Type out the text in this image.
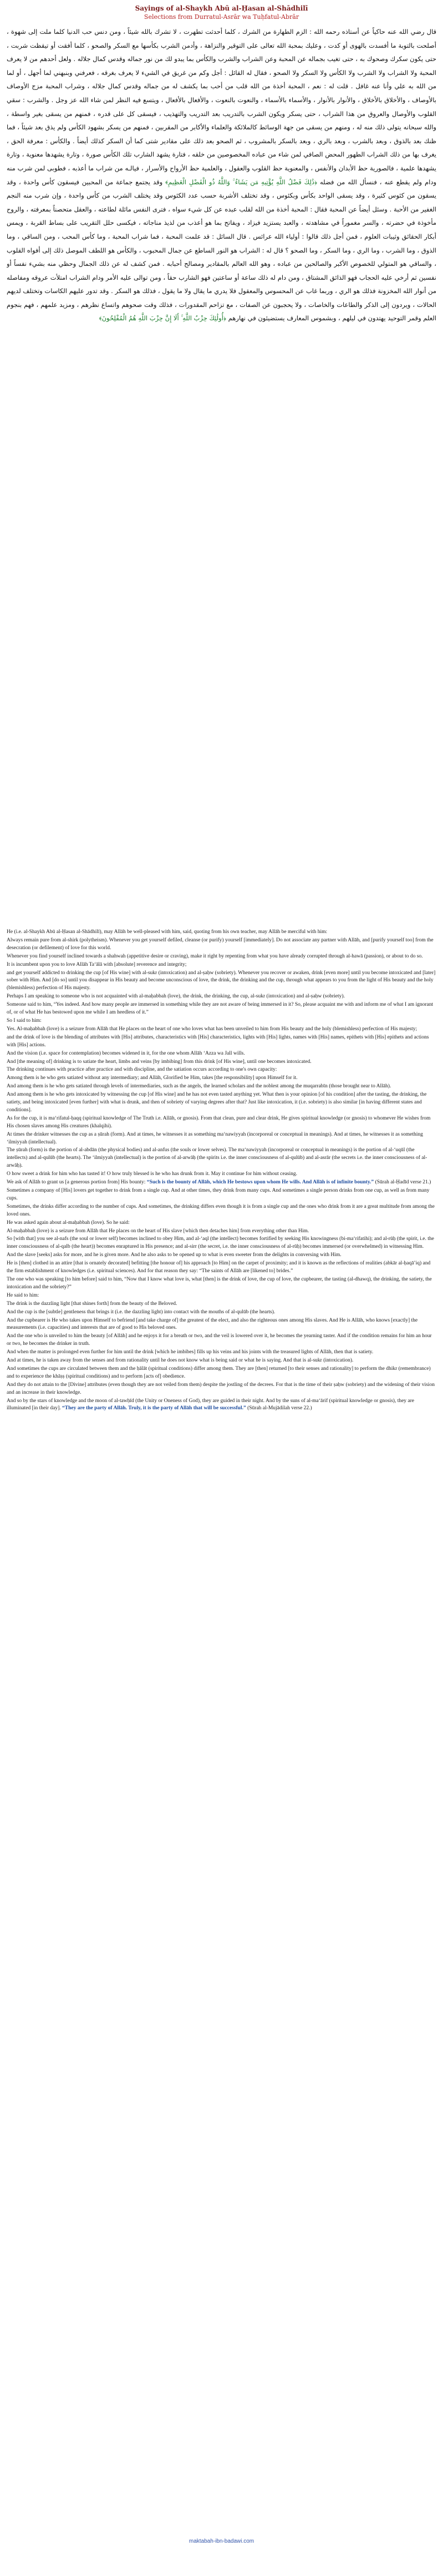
Sayings of al-Shaykh Abū al-Ḥasan al-Shādhilī
Selections from Durratul-Asrār wa Tuḥfatul-Abrār
قال رضي الله عنه حاكياً عن أستاذه رحمه الله : الزم الطهارة من الشرك ، كلما أحدثت تطهرت ، لا تشرك بالله شيئاً ، ومن دنس حب الدنيا كلما ملت إلى شهوة ، أصلحت بالتوبة ما أفسدت بالهوى أو كدت ، وعليك بمحبة الله تعالى على التوقير والنزاهة ، وأدمن الشرب بكأسها مع السكر والصحو ، كلما أفقت أو تيقظت شربت ، حتى يكون سكرك وصحوك به ، حتى تغيب بجماله عن المحبة وعن الشراب والشرب والكأس بما يبدو لك من نور جماله وقدس كمال جلاله . ولعل أحدهم من لا يعرف المحبة ولا الشراب ولا الشرب ولا الكأس ولا السكر ولا الصحو ، فقال له القائل : أجل وكم من غريق في الشيء لا يعرف بغرقه ، فعرفني وبنبهني لما أجهل ، أو لما من الله به علي وأنا عنه غافل . قلت له : نعم ، المحبة أخذة من الله قلب من أحب بما يكشف له من جماله وقدس كمال جلاله ، وشراب المحبة مزج الأوصاف بالأوصاف ، والأخلاق بالأخلاق ، والأنوار بالأنوار ، والأسماء بالأسماء ، والنعوت بالنعوت ، والأفعال بالأفعال ، ويتسع فيه النظر لمن شاء الله عز وجل . والشرب : سقي القلوب والأوصال والعروق من هذا الشراب ، حتى يسكر ويكون الشرب بالتدريب بعد التدريب والتهذيب ، فيسقى كل على قدره ، فمنهم من يسقى بغير واسطة ، والله سبحانه يتولى ذلك منه له ، ومنهم من يسقى من جهة الوسائط كالملائكة والعلماء والأكابر من المقربين ، فمنهم من يسكر بشهود الكأس ولم يذق بعد شيئاً ، فما ظنك بعد بالذوق ، وبعد بالشرب ، وبعد بالري ، وبعد بالسكر بالمشروب ، ثم الصحو بعد ذلك على مقادير شتى كما أن السكر كذلك أيضاً . والكأس : معرفة الحق ، يغرف بها من ذلك الشراب الطهور المحض الصافي لمن شاء من عباده المخصوصين من خلقه ، فتارة يشهد الشارب تلك الكأس صورة ، وتارة يشهدها معنوية ، وتارة يشهدها علمية ، فالصورية حظ الأبدان والأنفس ، والمعنوية حظ القلوب والعقول ، والعلمية حظ الأرواح والأسرار ، فيالـه من شراب ما أعذبه ، فطوبى لمن شرب منه ودام ولم يقطع عنه ، فنسأل الله من فضله ﴿ذَٰلِكَ فَضْلُ اللَّهِ يُؤْتِيهِ مَن يَشَاءُ ۚ وَاللَّهُ ذُو الْفَضْلِ الْعَظِيمِ﴾ وقد يجتمع جماعة من المحبين فيسقون كأس واحدة ، وقد يسقون من كئوس كثيرة ، وقد يسقى الواحد بكأس وبكئوس ، وقد تختلف الأشربة حسب عدد الكئوس وقد يختلف الشرب من كأس واحدة ، وإن شرب منه النجم الغفير من الأحبة . وسئل أيضاً عن المحبة فقال : المحبة أخذة من الله لقلب عبده عن كل شيء سواه ، فترى النفس مائلة لطاعته ، والعقل متحصناً بمعرفته ، والروح مأخوذة في حضرته ، والسر مغموراً في مشاهدته ، والعبد يستزيد فيزاد ، ويفاتح بما هو أعذب من لذيذ مناجاته ، فيكسى حلل التقريب على بساط القربة ، ويمس أبكار الحقائق وثيبات العلوم ، فمن أجل ذلك قالوا : أولياء الله عرائس . قال السائل : قد علمت المحبة ، فما شراب المحبة ، وما كأس المحب ، ومن الساقي ، وما الذوق ، وما الشرب ، وما الري ، وما السكر ، وما الصحو ؟ قال له : الشراب هو النور الساطع عن جمال المحبوب ، والكأس هو اللطف الموصل ذلك إلى أفواه القلوب ، والساقي هو المتولي للخصوص الأكبر والصالحين من عباده ، وهو الله العالم بالمقادير ومصالح أحبابه . فمن كشف له عن ذلك الجمال وحظي منه بشيء نفساً أو نفسين ثم أرخي عليه الحجاب فهو الذائق المشتاق ، ومن دام له ذلك ساعة أو ساعتين فهو الشارب حقاً ، ومن توالى عليه الأمر ودام الشراب امتلأت عروقه ومفاصله من أنوار الله المخزونة فذلك هو الري ، وربما غاب عن المحسوس والمعقول فلا يدري ما يقال ولا ما يقول ، فذلك هو السكر . وقد تدور عليهم الكاسات وتختلف لديهم الحالات ، ويردون إلى الذكر والطاعات والخاصات ، ولا يحجبون عن الصفات ، مع تزاحم المقدورات ، فذلك وقت صحوهم واتساع نظرهم ، ومزيد علمهم ، فهم بنجوم العلم وقمر التوحيد يهتدون في ليلهم ، وبشموس المعارف يستضيئون في نهارهم ﴿أُولَٰئِكَ حِزْبُ اللَّهِ ۚ أَلَا إِنَّ حِزْبَ اللَّهِ هُمُ الْمُفْلِحُونَ﴾

He (i.e. al-Shaykh Abū al-Ḥasan al-Shādhilī), may Allāh be well-pleased with him, said, quoting from his own teacher, may Allāh be merciful with him:

Always remain pure from al-shirk (polytheism). Whenever you get yourself defiled, cleanse (or purify) yourself [immediately]. Do not associate any partner with Allāh, and [purify yourself too] from the desecration (or defilement) of love for this world.

Whenever you find yourself inclined towards a shahwah (appetitive desire or craving), make it right by repenting from what you have already corrupted through al-hawā (passion), or about to do so.

It is incumbent upon you to love Allāh Ta‘ālā with [absolute] reverence and integrity;

and get yourself addicted to drinking the cup [of His wine] with al-sukr (intoxication) and al-ṣaḥw (sobriety). Whenever you recover or awaken, drink [even more] until you become intoxicated and [later] sober with Him. And [do so] until you disappear in His beauty and become unconscious of love, the drink, the drinking and the cup, through what appears to you from the light of His beauty and the holy (blemishless) perfection of His majesty.

Perhaps I am speaking to someone who is not acquainted with al-maḥabbah (love), the drink, the drinking, the cup, al-sukr (intoxication) and al-ṣaḥw (sobriety).

Someone said to him, “Yes indeed. And how many people are immersed in something while they are not aware of being immersed in it? So, please acquaint me with and inform me of what I am ignorant of, or of what He has bestowed upon me while I am heedless of it.”

So I said to him:

Yes. Al-maḥabbah (love) is a seizure from Allāh that He places on the heart of one who loves what has been unveiled to him from His beauty and the holy (blemishless) perfection of His majesty;

and the drink of love is the blending of attributes with [His] attributes, characteristics with [His] characteristics, lights with [His] lights, names with [His] names, epithets with [His] epithets and actions with [His] actions.

And the vision (i.e. space for contemplation) becomes widened in it, for the one whom Allāh ‘Azza wa Jall wills.

And [the meaning of] drinking is to satiate the heart, limbs and veins [by imbibing] from this drink [of His wine], until one becomes intoxicated.

The drinking continues with practice after practice and with discipline, and the satiation occurs according to one's own capacity:

Among them is he who gets satiated without any intermediary; and Allāh, Glorified be Him, takes [the responsibility] upon Himself for it.

And among them is he who gets satiated through levels of intermediaries, such as the angels, the learned scholars and the noblest among the muqarrabīn (those brought near to Allāh).

And among them is he who gets intoxicated by witnessing the cup [of His wine] and he has not even tasted anything yet. What then is your opinion [of his condition] after the tasting, the drinking, the satiety, and being intoxicated [even further] with what is drunk, and then of sobriety of varying degrees after that? Just like intoxication, it (i.e. sobriety) is also similar [in having different states and conditions].

As for the cup, it is ma‘rifatul-ḥaqq (spiritual knowledge of The Truth i.e. Allāh, or gnosis). From that clean, pure and clear drink, He gives spiritual knowledge (or gnosis) to whomever He wishes from His chosen slaves among His creatures (khalqihi).

At times the drinker witnesses the cup as a ṣūrah (form). And at times, he witnesses it as something ma‘nawiyyah (incorporeal or conceptual in meanings). And at times, he witnesses it as something ‘ilmiyyah (intellectual).

The ṣūrah (form) is the portion of al-abdān (the physical bodies) and al-anfus (the souls or lower selves). The ma‘nawiyyah (incorporeal or conceptual in meanings) is the portion of al-‘uqūl (the intellects) and al-qulūb (the hearts). The ‘ilmiyyah (intellectual) is the portion of al-arwāḥ (the spirits i.e. the inner consciousness of al-qulūb) and al-asrār (the secrets i.e. the inner consciousness of al-arwāḥ).

O how sweet a drink for him who has tasted it! O how truly blessed is he who has drunk from it. May it continue for him without ceasing.

We ask of Allāh to grant us [a generous portion from] His bounty: “Such is the bounty of Allāh, which He bestows upon whom He wills. And Allāh is of infinite bounty.” (Sūrah al-Ḥadīd verse 21.)

Sometimes a company of [His] lovers get together to drink from a single cup. And at other times, they drink from many cups. And sometimes a single person drinks from one cup, as well as from many cups.

Sometimes, the drinks differ according to the number of cups. And sometimes, the drinking differs even though it is from a single cup and the ones who drink from it are a great multitude from among the loved ones.

He was asked again about al-maḥabbah (love). So he said:

Al-maḥabbah (love) is a seizure from Allāh that He places on the heart of His slave [which then detaches him] from everything other than Him.

So [with that] you see al-nafs (the soul or lower self) becomes inclined to obey Him, and al-‘aql (the intellect) becomes fortified by seeking His knowingness (bi-ma‘rifatihi); and al-rūḥ (the spirit, i.e. the inner consciousness of al-qalb (the heart)) becomes enraptured in His presence; and al-sirr (the secret, i.e. the inner consciousness of al-rūḥ) becomes immersed (or overwhelmed) in witnessing Him.

And the slave [seeks] asks for more, and he is given more. And he also asks to be opened up to what is even sweeter from the delights in conversing with Him.

He is [then] clothed in an attire [that is ornately decorated] befitting [the honour of] his approach [to Him] on the carpet of proximity; and it is known as the reflections of realities (abkār al-ḥaqā’iq) and the firm establishment of knowledges (i.e. spiritual sciences). And for that reason they say: “The saints of Allāh are [likened to] brides.”

The one who was speaking [to him before] said to him, “Now that I know what love is, what [then] is the drink of love, the cup of love, the cupbearer, the tasting (al-dhawq), the drinking, the satiety, the intoxication and the sobriety?”

He said to him:

The drink is the dazzling light [that shines forth] from the beauty of the Beloved.

And the cup is the [subtle] gentleness that brings it (i.e. the dazzling light) into contact with the mouths of al-qulūb (the hearts).

And the cupbearer is He who takes upon Himself to befriend [and take charge of] the greatest of the elect, and also the righteous ones among His slaves. And He is Allāh, who knows [exactly] the measurements (i.e. capacities) and interests that are of good to His beloved ones.

And the one who is unveiled to him the beauty [of Allāh] and he enjoys it for a breath or two, and the veil is lowered over it, he becomes the yearning taster. And if the condition remains for him an hour or two, he becomes the drinker in truth.

And when the matter is prolonged even further for him until the drink [which he imbibes] fills up his veins and his joints with the treasured lights of Allāh, then that is satiety.

And at times, he is taken away from the senses and from rationality until he does not know what is being said or what he is saying. And that is al-sukr (intoxication).

And sometimes the cups are circulated between them and the ḥālāt (spiritual conditions) differ among them. They are [then] returned [to their senses and rationality] to perform the dhikr (remembrance) and to experience the khāṣṣ (spiritual conditions) and to perform [acts of] obedience.

And they do not attain to the [Divine] attributes (even though they are not veiled from them) despite the jostling of the decrees. For that is the time of their ṣaḥw (sobriety) and the widening of their vision and an increase in their knowledge.

And so by the stars of knowledge and the moon of al-tawḥīd (the Unity or Oneness of God), they are guided in their night. And by the suns of al-ma‘ārif (spiritual knowledge or gnosis), they are illuminated [in their day]. “They are the party of Allāh. Truly, it is the party of Allāh that will be successful.” (Sūrah al-Mujādilah verse 22.)

maktabah-ibn-badawi.com
